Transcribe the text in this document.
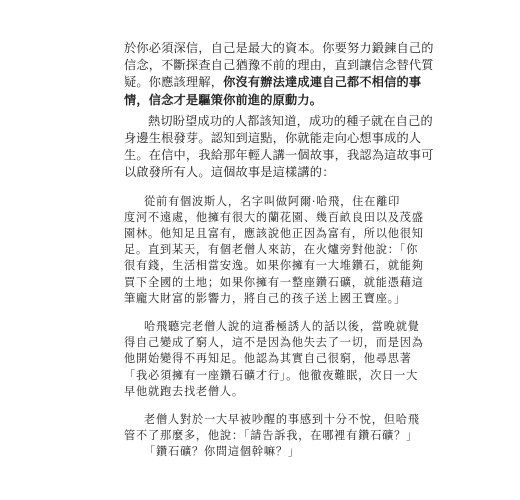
於你必須深信，自己是最大的資本。你要努力鍛鍊自己的
信念，不斷探查自己猶豫不前的理由，直到讓信念替代質
疑。你應該理解，你沒有辦法達成連自己都不相信的事
情，信念才是驅策你前進的原動力。
熱切盼望成功的人都該知道，成功的種子就在自己的
身邊生根發芽。認知到這點，你就能走向心想事成的人
生。在信中，我給那年輕人講一個故事，我認為這故事可
以啟發所有人。這個故事是這樣講的：
從前有個波斯人，名字叫做阿爾·哈飛，住在離印
度河不遠處，他擁有很大的蘭花園、幾百畝良田以及茂盛
園林。他知足且富有，應該說他正因為富有，所以他很知
足。直到某天，有個老僧人來訪，在火爐旁對他說：「你
很有錢，生活相當安逸。如果你擁有一大堆鑽石，就能夠
買下全國的土地；如果你擁有一整座鑽石礦，就能憑藉這
筆龐大財富的影響力，將自己的孩子送上國王寶座。」
哈飛聽完老僧人說的這番極誘人的話以後，當晚就覺
得自己變成了窮人，這不是因為他失去了一切，而是因為
他開始變得不再知足。他認為其實自己很窮，他尋思著
「我必須擁有一座鑽石礦才行」。他徹夜難眠，次日一大
早他就跑去找老僧人。
老僧人對於一大早被吵醒的事感到十分不悅，但哈飛
管不了那麼多，他說：「請告訴我，在哪裡有鑽石礦？」
「鑽石礦？你問這個幹嘛？」
